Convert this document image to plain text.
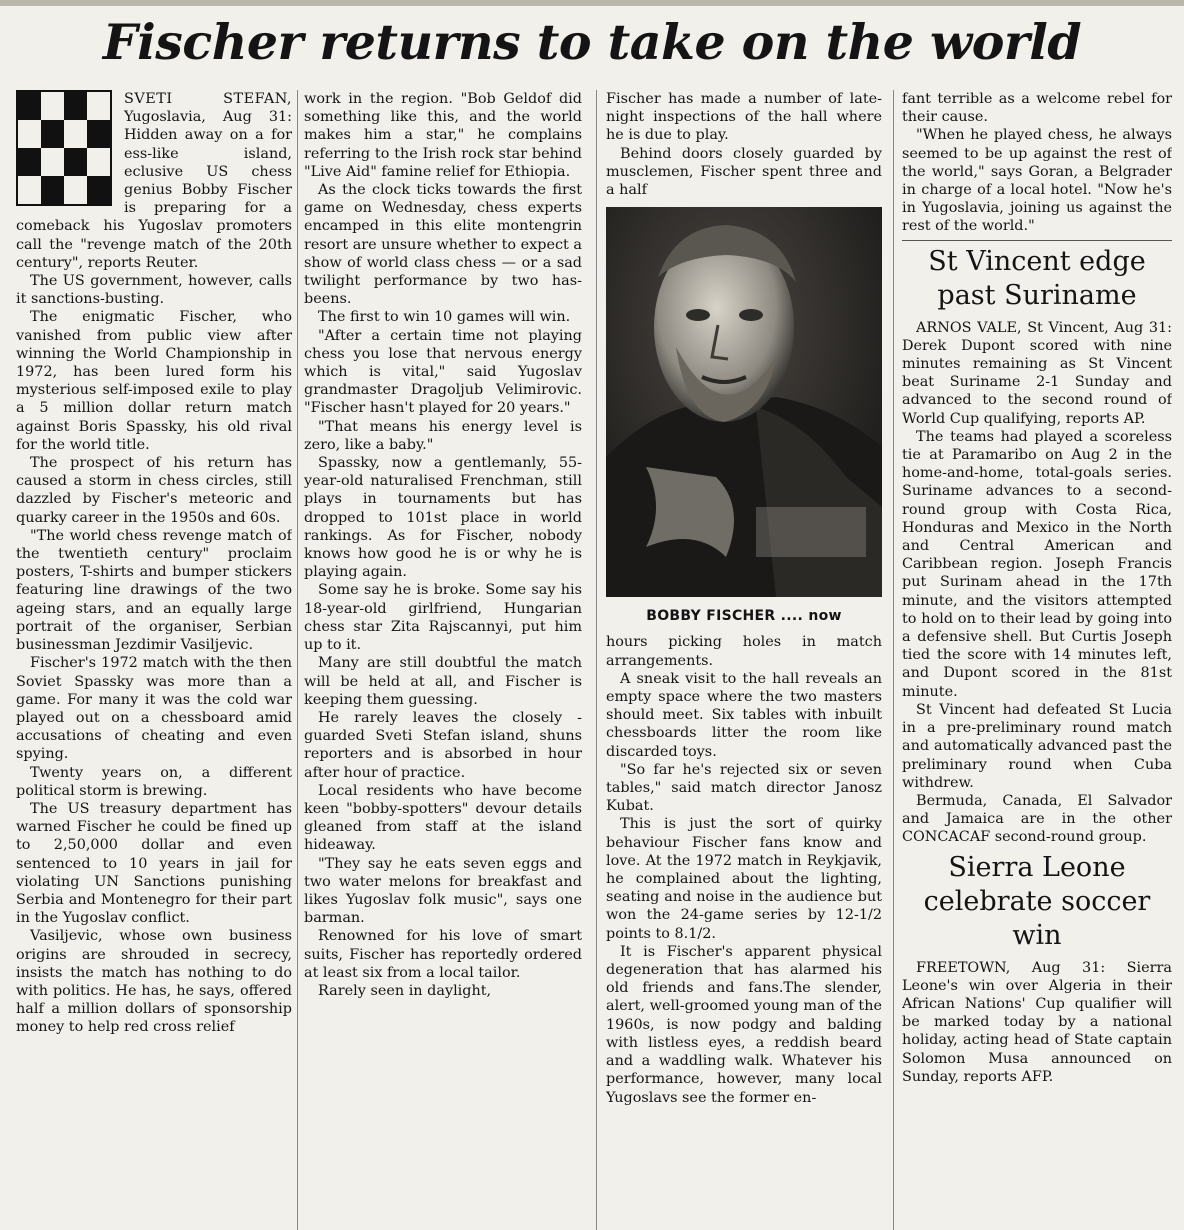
Fischer returns to take on the world

SVETI STEFAN, Yugoslavia, Aug 31: Hidden away on a for ess-like island, eclusive US chess genius Bobby Fischer is preparing for a comeback his Yugoslav promoters call the "revenge match of the 20th century", reports Reuter.

The US government, however, calls it sanctions-busting.

The enigmatic Fischer, who vanished from public view after winning the World Championship in 1972, has been lured form his mysterious self-imposed exile to play a 5 million dollar return match against Boris Spassky, his old rival for the world title.

The prospect of his return has caused a storm in chess circles, still dazzled by Fischer's meteoric and quarky career in the 1950s and 60s.

"The world chess revenge match of the twentieth century" proclaim posters, T-shirts and bumper stickers featuring line drawings of the two ageing stars, and an equally large portrait of the organiser, Serbian businessman Jezdimir Vasiljevic.

Fischer's 1972 match with the then Soviet Spassky was more than a game. For many it was the cold war played out on a chessboard amid accusations of cheating and even spying.

Twenty years on, a different political storm is brewing.

The US treasury department has warned Fischer he could be fined up to 2,50,000 dollar and even sentenced to 10 years in jail for violating UN Sanctions punishing Serbia and Montenegro for their part in the Yugoslav conflict.

Vasiljevic, whose own business origins are shrouded in secrecy, insists the match has nothing to do with politics. He has, he says, offered half a million dollars of sponsorship money to help red cross relief

work in the region. "Bob Geldof did something like this, and the world makes him a star," he complains referring to the Irish rock star behind "Live Aid" famine relief for Ethiopia.

As the clock ticks towards the first game on Wednesday, chess experts encamped in this elite montengrin resort are unsure whether to expect a show of world class chess — or a sad twilight performance by two has-beens.

The first to win 10 games will win.

"After a certain time not playing chess you lose that nervous energy which is vital," said Yugoslav grandmaster Dragoljub Velimirovic. "Fischer hasn't played for 20 years."

"That means his energy level is zero, like a baby."

Spassky, now a gentlemanly, 55- year-old naturalised Frenchman, still plays in tournaments but has dropped to 101st place in world rankings. As for Fischer, nobody knows how good he is or why he is playing again.

Some say he is broke. Some say his 18-year-old girlfriend, Hungarian chess star Zita Rajscannyi, put him up to it.

Many are still doubtful the match will be held at all, and Fischer is keeping them guessing.

He rarely leaves the closely -guarded Sveti Stefan island, shuns reporters and is absorbed in hour after hour of practice.

Local residents who have become keen "bobby-spotters" devour details gleaned from staff at the island hideaway.

"They say he eats seven eggs and two water melons for breakfast and likes Yugoslav folk music", says one barman.

Renowned for his love of smart suits, Fischer has reportedly ordered at least six from a local tailor.

Rarely seen in daylight,

Fischer has made a number of late-night inspections of the hall where he is due to play.

Behind doors closely guarded by musclemen, Fischer spent three and a half

BOBBY FISCHER .... now

hours picking holes in match arrangements.

A sneak visit to the hall reveals an empty space where the two masters should meet. Six tables with inbuilt chessboards litter the room like discarded toys.

"So far he's rejected six or seven tables," said match director Janosz Kubat.

This is just the sort of quirky behaviour Fischer fans know and love. At the 1972 match in Reykjavik, he complained about the lighting, seating and noise in the audience but won the 24-game series by 12-1/2 points to 8.1/2.

It is Fischer's apparent physical degeneration that has alarmed his old friends and fans.The slender, alert, well-groomed young man of the 1960s, is now podgy and balding with listless eyes, a reddish beard and a waddling walk. Whatever his performance, however, many local Yugoslavs see the former en-

fant terrible as a welcome rebel for their cause.

"When he played chess, he always seemed to be up against the rest of the world," says Goran, a Belgrader in charge of a local hotel. "Now he's in Yugoslavia, joining us against the rest of the world."

St Vincent edge past Suriname

ARNOS VALE, St Vincent, Aug 31: Derek Dupont scored with nine minutes remaining as St Vincent beat Suriname 2-1 Sunday and advanced to the second round of World Cup qualifying, reports AP.

The teams had played a scoreless tie at Paramaribo on Aug 2 in the home-and-home, total-goals series. Suriname advances to a second-round group with Costa Rica, Honduras and Mexico in the North and Central American and Caribbean region. Joseph Francis put Surinam ahead in the 17th minute, and the visitors attempted to hold on to their lead by going into a defensive shell. But Curtis Joseph tied the score with 14 minutes left, and Dupont scored in the 81st minute.

St Vincent had defeated St Lucia in a pre-preliminary round match and automatically advanced past the preliminary round when Cuba withdrew.

Bermuda, Canada, El Salvador and Jamaica are in the other CONCACAF second-round group.

Sierra Leone celebrate soccer win

FREETOWN, Aug 31: Sierra Leone's win over Algeria in their African Nations' Cup qualifier will be marked today by a national holiday, acting head of State captain Solomon Musa announced on Sunday, reports AFP.
